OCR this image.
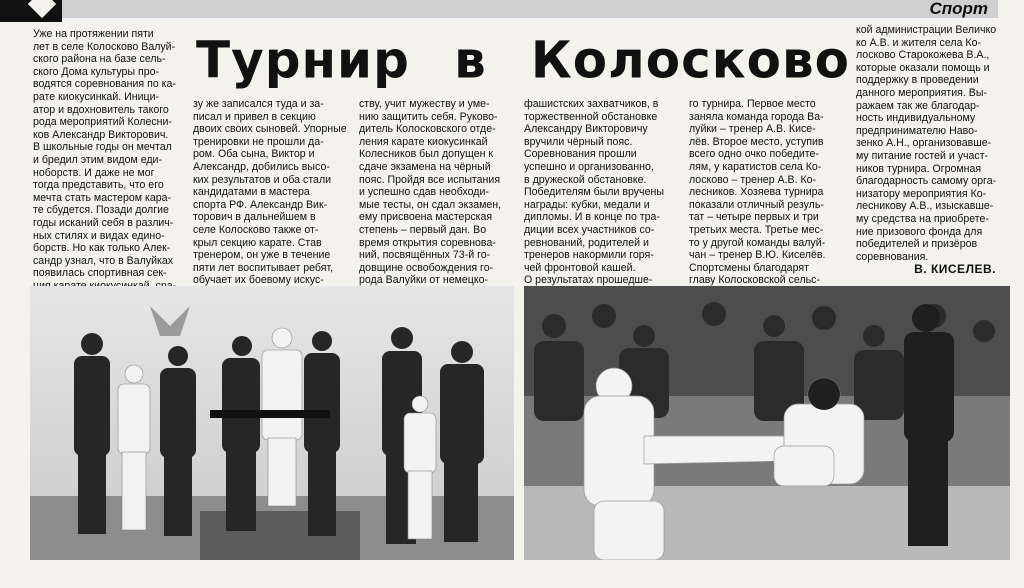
Спорт

Уже на протяжении пяти

лет в селе Колосково Валуй-

ского района на базе сель-

ского Дома культуры про-

водятся соревнования по ка-

рате киокусинкай. Иници-

атор и вдохновитель такого

рода мероприятий Колесни-

ков Александр Викторович.

В школьные годы он мечтал

и бредил этим видом еди-

ноборств. И даже не мог

тогда представить, что его

мечта стать мастером кара-

те сбудется. Позади долгие

годы исканий себя в различ-

ных стилях и видах едино-

борств. Но как только Алек-

сандр узнал, что в Валуйках

появилась спортивная сек-

Турнир в Колосково

зу же записался туда и за-

писал и привел в секцию

двоих своих сыновей. Упорные

тренировки не прошли да-

ром. Оба сына, Виктор и

Александр, добились высо-

ких результатов и оба стали

кандидатами в мастера

спорта РФ. Александр Вик-

торович в дальнейшем в

селе Колосково также от-

крыл секцию карате. Став

тренером, он уже в течение

пяти лет воспитывает ребят,

обучает их боевому искус-

ству, учит мужеству и уме-

нию защитить себя. Руково-

дитель Колосковского отде-

ления карате киокусинкай

Колесников был допущен к

сдаче экзамена на чёрный

пояс. Пройдя все испытания

и успешно сдав необходи-

мые тесты, он сдал экзамен,

ему присвоена мастерская

степень – первый дан. Во

время открытия соревнова-

ний, посвящённых 73-й го-

довщине освобождения го-

рода Валуйки от немецко-

фашистских захватчиков, в

торжественной обстановке

Александру Викторовичу

вручили чёрный пояс.

Соревнования прошли

успешно и организованно,

в дружеской обстановке.

Победителям были вручены

награды: кубки, медали и

дипломы. И в конце по тра-

диции всех участников со-

ревнований, родителей и

тренеров накормили горя-

чей фронтовой кашей.

О результатах прошедше-

го турнира. Первое место

заняла команда города Ва-

луйки – тренер А.В. Кисе-

лёв. Второе место, уступив

всего одно очко победите-

лям, у каратистов села Ко-

лосково – тренер А.В. Ко-

лесников. Хозяева турнира

показали отличный резуль-

тат – четыре первых и три

третьих места. Третье мес-

то у другой команды валуй-

чан – тренер В.Ю. Киселёв.

Спортсмены благодарят

главу Колосковской сельс-

кой администрации Величко

ко А.В. и жителя села Ко-

лосково Старокожева В.А.,

которые оказали помощь и

поддержку в проведении

данного мероприятия. Вы-

ражаем так же благодар-

ность индивидуальному

предпринимателю Наво-

зенко А.Н., организовавше-

му питание гостей и участ-

ников турнира. Огромная

благодарность самому орга-

низатору мероприятия Ко-

лесникову А.В., изыскавше-

му средства на приобрете-

ние призового фонда для

победителей и призёров

соревнования.

В. КИСЕЛЕВ.
